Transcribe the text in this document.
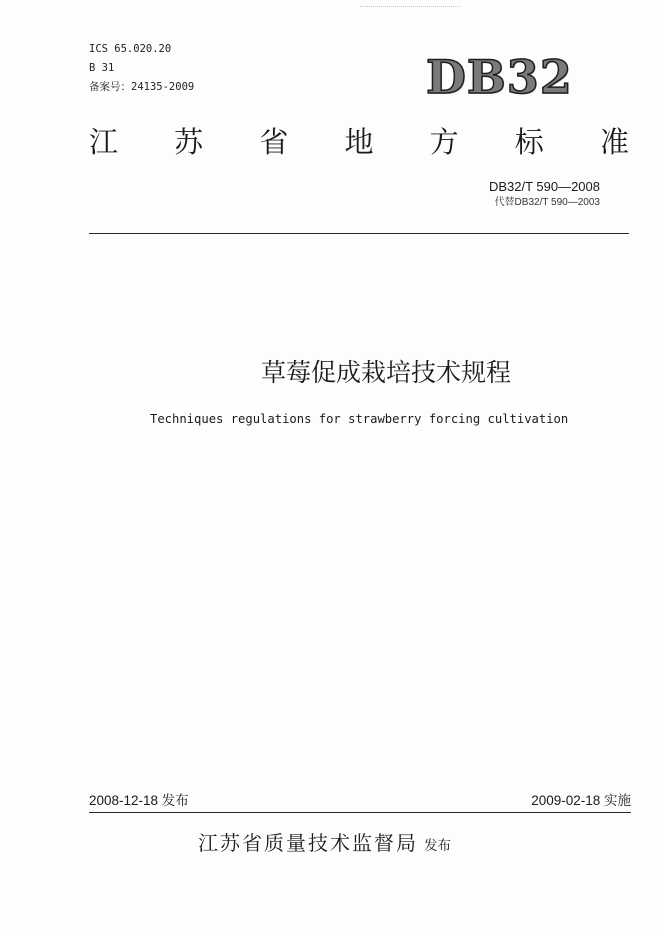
ICS 65.020.20
B 31
备案号：24135-2009	DB32
江 苏 省 地 方 标 准
DB32/T 590—2008
代替DB32/T 590—2003
草莓促成栽培技术规程
Techniques regulations for strawberry forcing cultivation
2008-12-18 发布	2009-02-18 实施
江苏省质量技术监督局 发布
